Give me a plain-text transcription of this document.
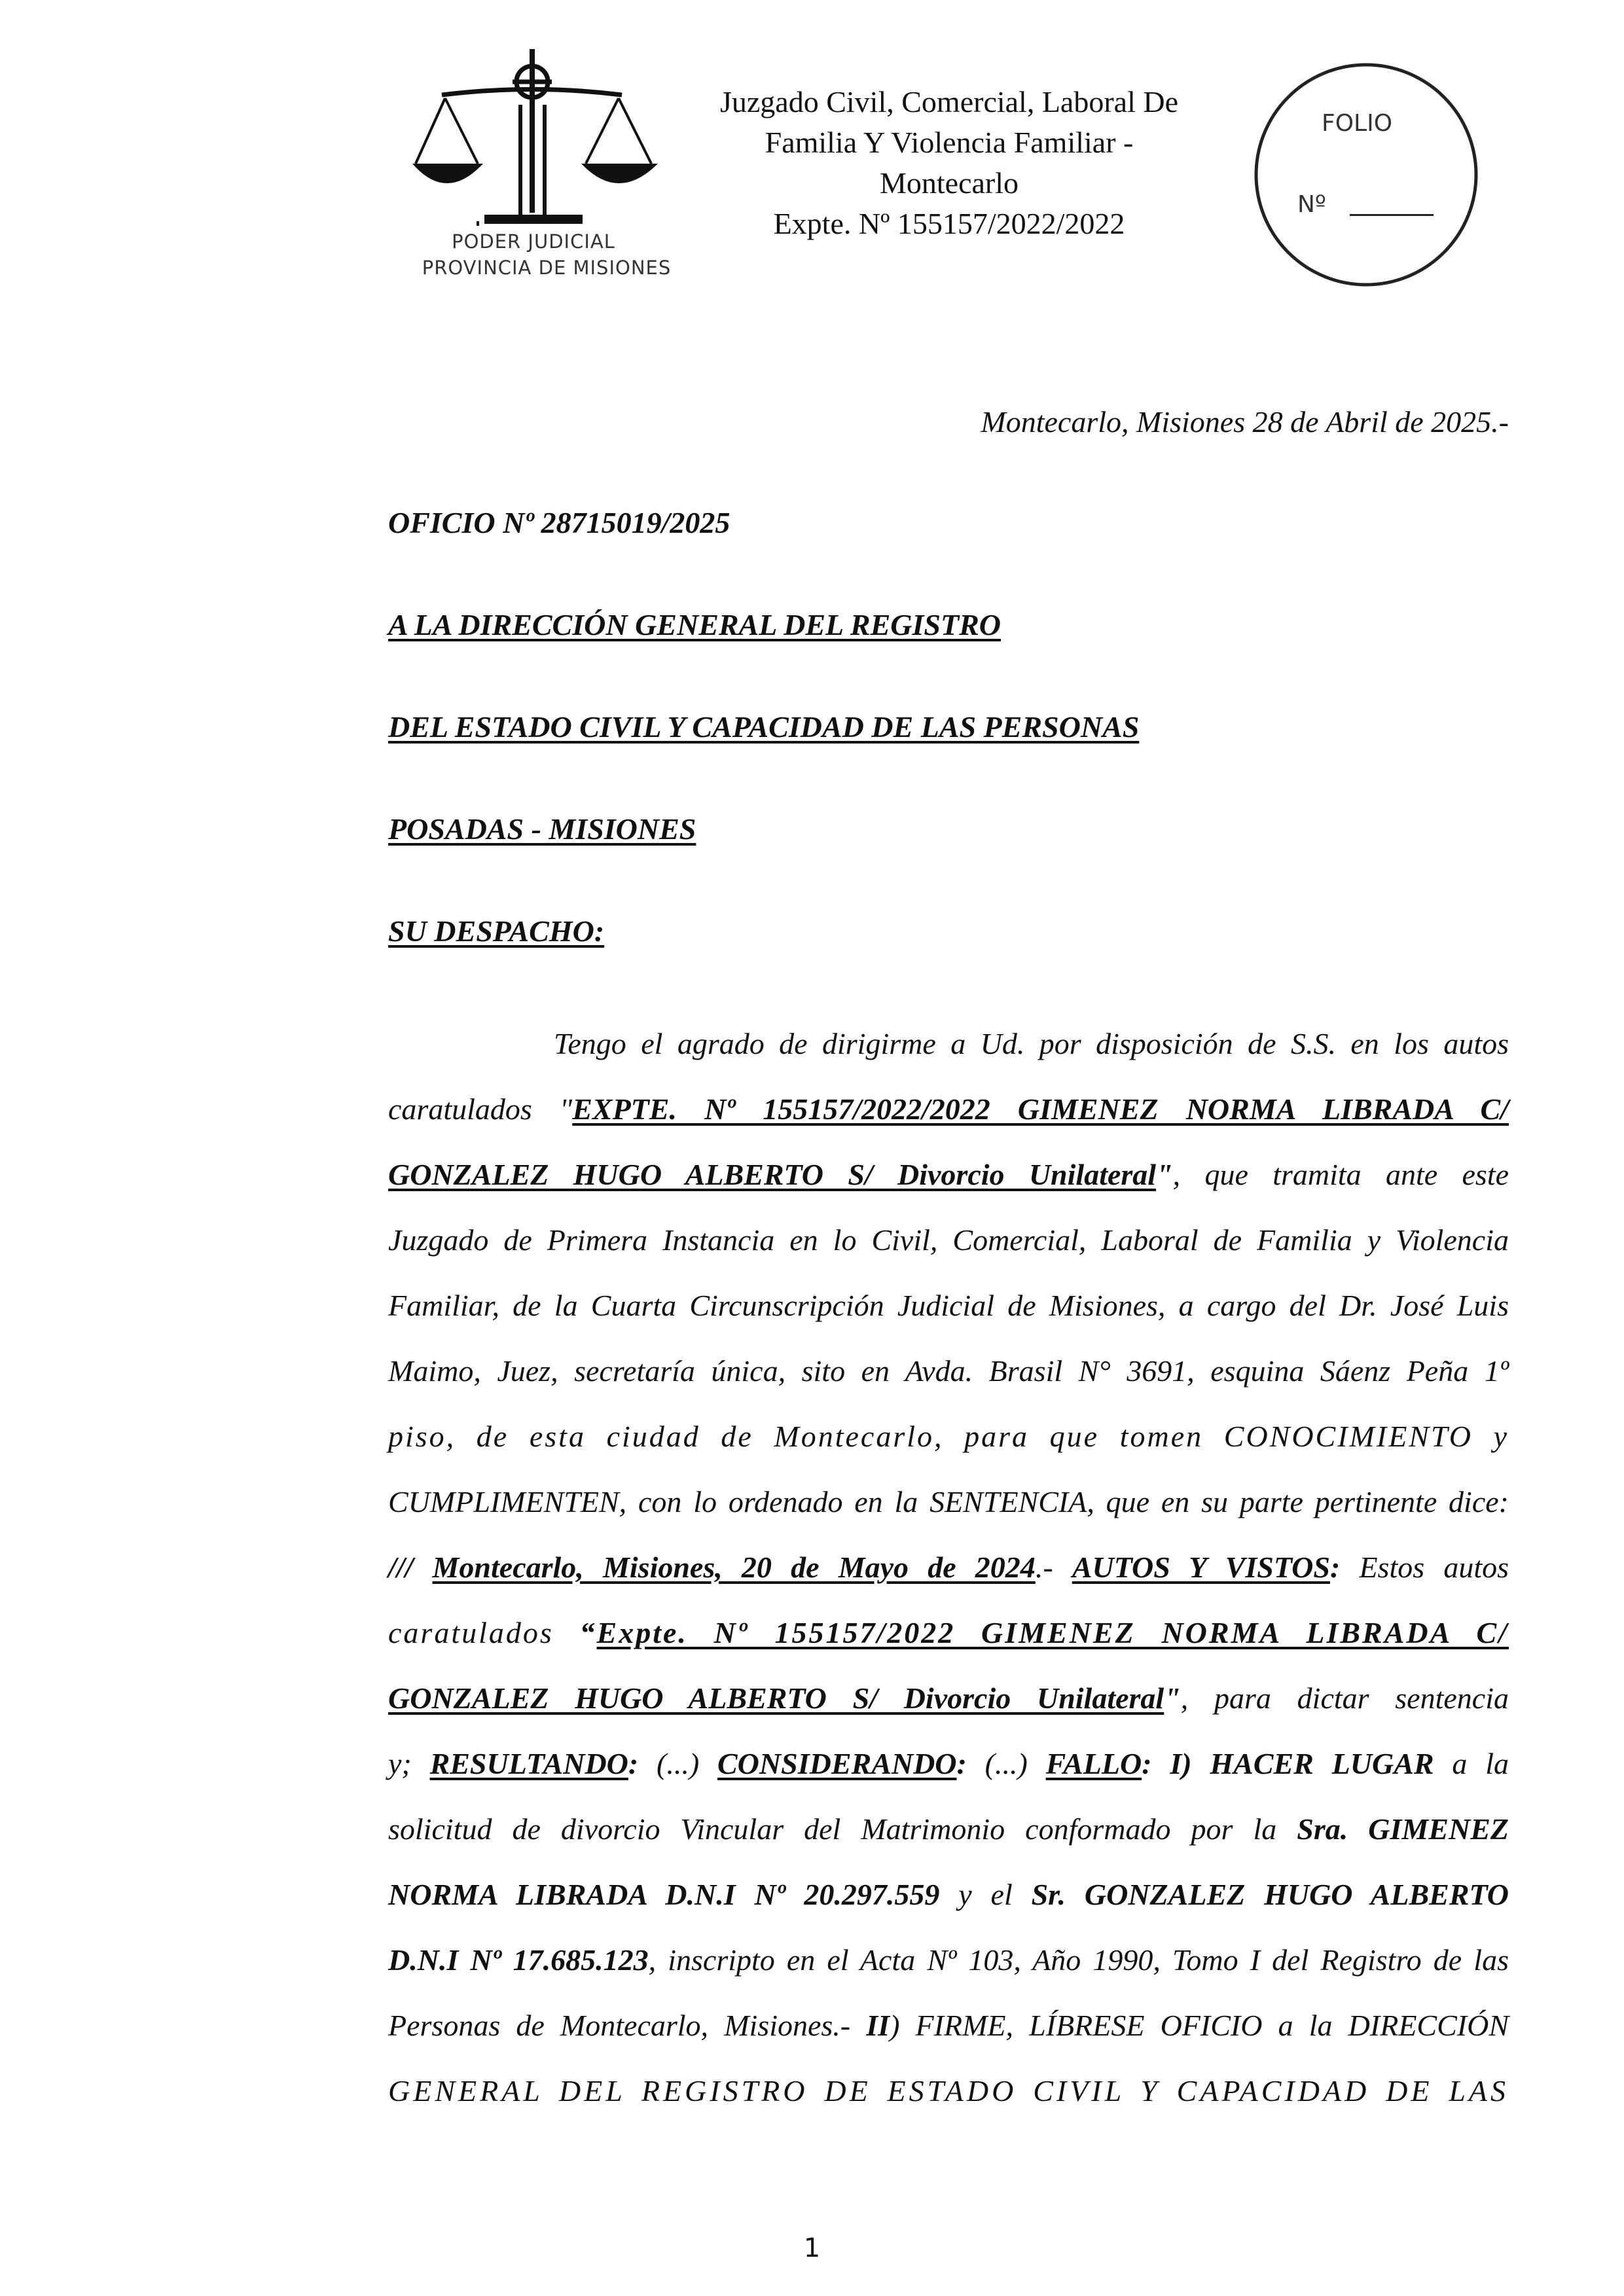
PODER JUDICIAL
PROVINCIA DE MISIONES
Juzgado Civil, Comercial, Laboral De
Familia Y Violencia Familiar -
Montecarlo
Expte. Nº 155157/2022/2022
FOLIO
Nº
Montecarlo, Misiones 28 de Abril de 2025.-
OFICIO Nº 28715019/2025
A LA DIRECCIÓN GENERAL DEL REGISTRO
DEL ESTADO CIVIL Y CAPACIDAD DE LAS PERSONAS
POSADAS - MISIONES
SU DESPACHO:
Tengo el agrado de dirigirme a Ud. por disposición de S.S. en los autos
caratulados "EXPTE. Nº 155157/2022/2022 GIMENEZ NORMA LIBRADA C/
GONZALEZ HUGO ALBERTO S/ Divorcio Unilateral", que tramita ante este
Juzgado de Primera Instancia en lo Civil, Comercial, Laboral de Familia y Violencia
Familiar, de la Cuarta Circunscripción Judicial de Misiones, a cargo del Dr. José Luis
Maimo, Juez, secretaría única, sito en Avda. Brasil N° 3691, esquina Sáenz Peña 1º
piso, de esta ciudad de Montecarlo, para que tomen CONOCIMIENTO y
CUMPLIMENTEN, con lo ordenado en la SENTENCIA, que en su parte pertinente dice:
/// Montecarlo, Misiones, 20 de Mayo de 2024.- AUTOS Y VISTOS: Estos autos
caratulados “Expte. Nº 155157/2022 GIMENEZ NORMA LIBRADA C/
GONZALEZ HUGO ALBERTO S/ Divorcio Unilateral", para dictar sentencia
y; RESULTANDO: (...) CONSIDERANDO: (...) FALLO: I) HACER LUGAR a la
solicitud de divorcio Vincular del Matrimonio conformado por la Sra. GIMENEZ
NORMA LIBRADA D.N.I Nº 20.297.559 y el Sr. GONZALEZ HUGO ALBERTO
D.N.I Nº 17.685.123, inscripto en el Acta Nº 103, Año 1990, Tomo I del Registro de las
Personas de Montecarlo, Misiones.- II) FIRME, LÍBRESE OFICIO a la DIRECCIÓN
GENERAL DEL REGISTRO DE ESTADO CIVIL Y CAPACIDAD DE LAS
1
